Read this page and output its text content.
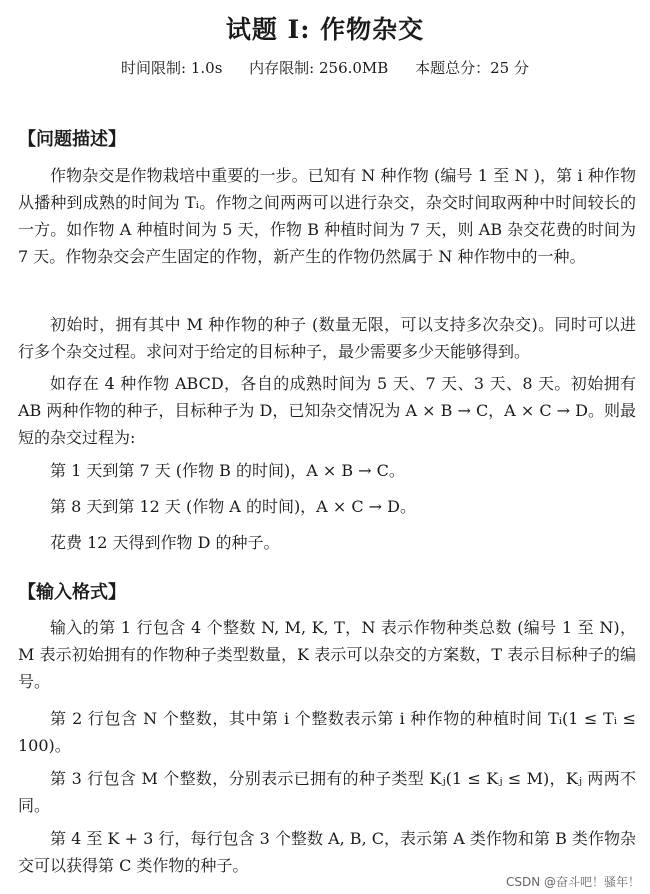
试题 I: 作物杂交
时间限制: 1.0s 内存限制: 256.0MB 本题总分：25 分
【问题描述】

作物杂交是作物栽培中重要的一步。已知有 N 种作物 (编号 1 至 N )，第 i 种作物从播种到成熟的时间为 Tᵢ。作物之间两两可以进行杂交，杂交时间取两种中时间较长的一方。如作物 A 种植时间为 5 天，作物 B 种植时间为 7 天，则 AB 杂交花费的时间为 7 天。作物杂交会产生固定的作物，新产生的作物仍然属于 N 种作物中的一种。

初始时，拥有其中 M 种作物的种子 (数量无限，可以支持多次杂交)。同时可以进行多个杂交过程。求问对于给定的目标种子，最少需要多少天能够得到。

如存在 4 种作物 ABCD，各自的成熟时间为 5 天、7 天、3 天、8 天。初始拥有 AB 两种作物的种子，目标种子为 D，已知杂交情况为 A × B → C，A × C → D。则最短的杂交过程为:

第 1 天到第 7 天 (作物 B 的时间)，A × B → C。

第 8 天到第 12 天 (作物 A 的时间)，A × C → D。

花费 12 天得到作物 D 的种子。

【输入格式】

输入的第 1 行包含 4 个整数 N, M, K, T，N 表示作物种类总数 (编号 1 至 N)，M 表示初始拥有的作物种子类型数量，K 表示可以杂交的方案数，T 表示目标种子的编号。

第 2 行包含 N 个整数，其中第 i 个整数表示第 i 种作物的种植时间 Tᵢ(1 ≤ Tᵢ ≤ 100)。

第 3 行包含 M 个整数，分别表示已拥有的种子类型 Kⱼ(1 ≤ Kⱼ ≤ M)，Kⱼ 两两不同。

第 4 至 K + 3 行，每行包含 3 个整数 A, B, C，表示第 A 类作物和第 B 类作物杂交可以获得第 C 类作物的种子。

CSDN @奋斗吧！骚年！
